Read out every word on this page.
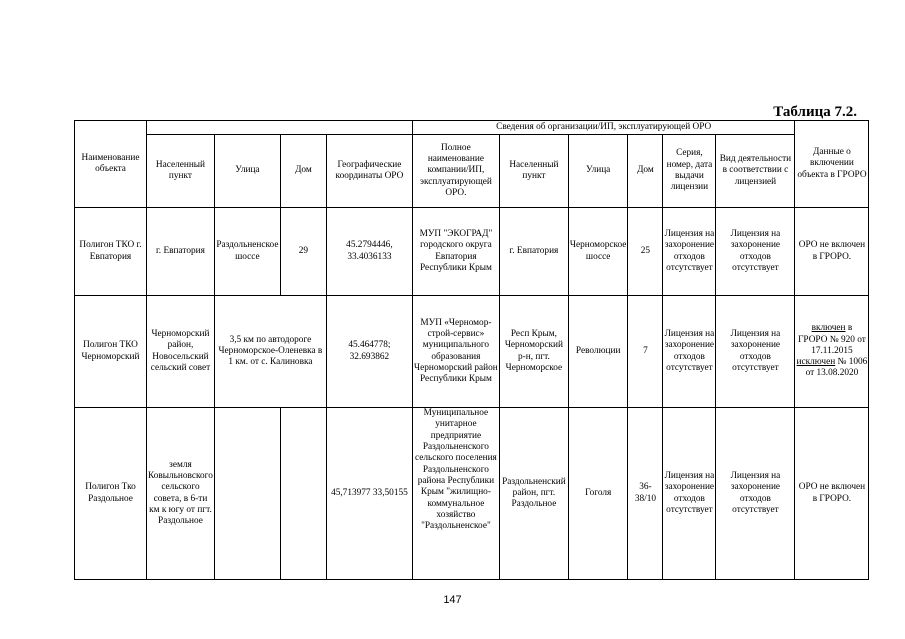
Таблица 7.2.
Наименование объекта					Сведения об организации/ИП, эксплуатирующей ОРО						Данные о включении объекта в ГРОРО
	Населенный пункт	Улица	Дом	Географические координаты ОРО	Полное наименование компании/ИП, эксплуатирующей ОРО.	Населенный пункт	Улица	Дом	Серия, номер, дата выдачи лицензии	Вид деятельности в соответствии с лицензией	
Полигон ТКО г. Евпатория	г. Евпатория	Раздольненское шоссе	29	45.2794446, 33.4036133	МУП "ЭКОГРАД" городского округа Евпатория Республики Крым	г. Евпатория	Черноморское шоссе	25	Лицензия на захоронение отходов отсутствует	Лицензия на захоронение отходов отсутствует	ОРО не включен в ГРОРО.
Полигон ТКО Черноморский	Черноморский район, Новосельский сельский совет	3,5 км по автодороге Черноморское-Оленевка в 1 км. от с. Калиновка		45.464778; 32.693862	МУП «Черномор-строй-сервис» муниципального образования Черноморский район Республики Крым	Респ Крым, Черноморский р-н, пгт. Черноморское	Революции	7	Лицензия на захоронение отходов отсутствует	Лицензия на захоронение отходов отсутствует	включен в ГРОРО № 920 от 17.11.2015 исключен № 1006 от 13.08.2020
Полигон Тко Раздольное	земля Ковыльновского сельского совета, в 6-ти км к югу от пгт. Раздольное			45,713977 33,50155	Муниципальное унитарное предприятие Раздольненского сельского поселения Раздольненского района Республики Крым "жилищно-коммунальное хозяйство "Раздольненское"	Раздольненский район, пгт. Раздольное	Гоголя	36-38/10	Лицензия на захоронение отходов отсутствует	Лицензия на захоронение отходов отсутствует	ОРО не включен в ГРОРО.
147
